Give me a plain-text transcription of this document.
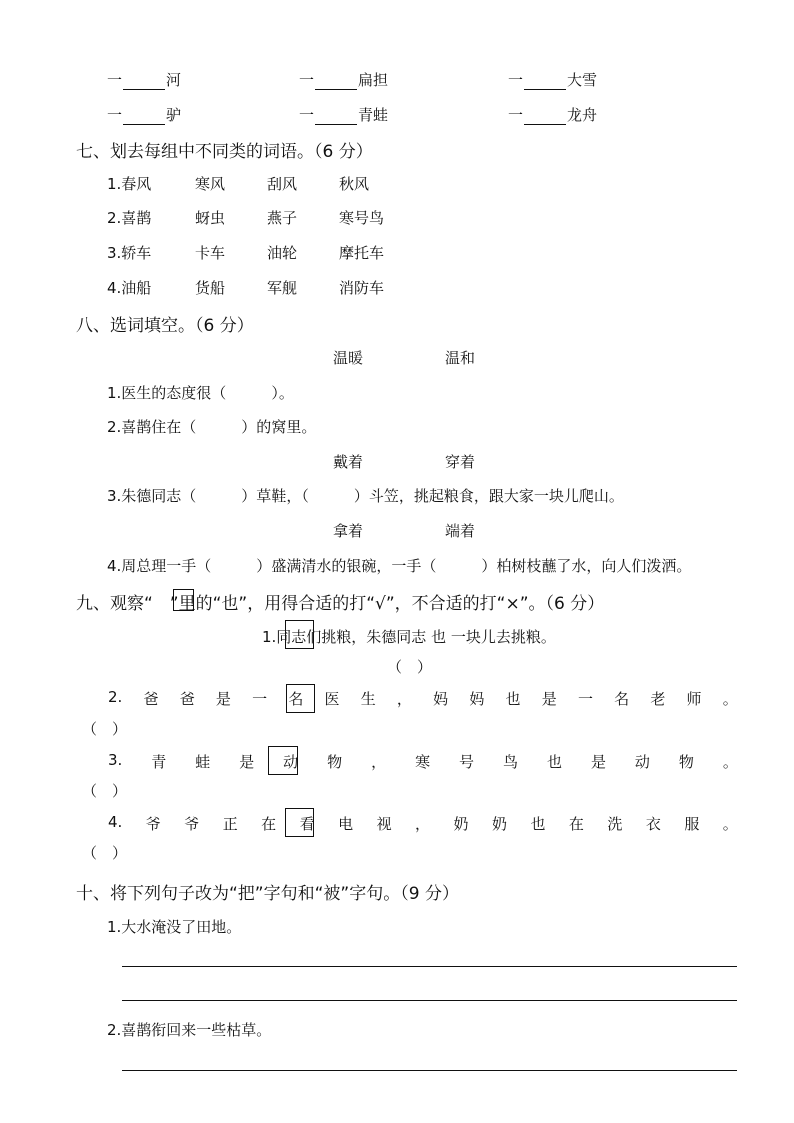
一	河	一	扁担	一	大雪
一	驴	一	青蛙	一	龙舟
七、划去每组中不同类的词语。（6 分）
1.春风	寒风	刮风	秋风
2.喜鹊	蚜虫	燕子	寒号鸟
3.轿车	卡车	油轮	摩托车
4.油船	货船	军舰	消防车
八、选词填空。（6 分）
温暖	温和
1.医生的态度很（　　　）。
2.喜鹊住在（　　　）的窝里。
戴着	穿着
3.朱德同志（　　　）草鞋，（　　　）斗笠，挑起粮食，跟大家一块儿爬山。
拿着	端着
4.周总理一手（　　　）盛满清水的银碗，一手（　　　）柏树枝蘸了水，向人们泼洒。
九、观察“　”里的“也”，用得合适的打“√”，不合适的打“×”。（6 分）
1.同志们挑粮，朱德同志 也 一块儿去挑粮。
（　）
2. 爸 爸 是 一 名 医 生 ， 妈 妈 也 是 一 名 老 师 。
（　）
3. 青 蛙 是 动 物 ， 寒 号 鸟 也 是 动 物 。
（　）
4. 爷 爷 正 在 看 电 视 ， 奶 奶 也 在 洗 衣 服 。
（　）
十、将下列句子改为“把”字句和“被”字句。（9 分）
1.大水淹没了田地。
2.喜鹊衔回来一些枯草。
